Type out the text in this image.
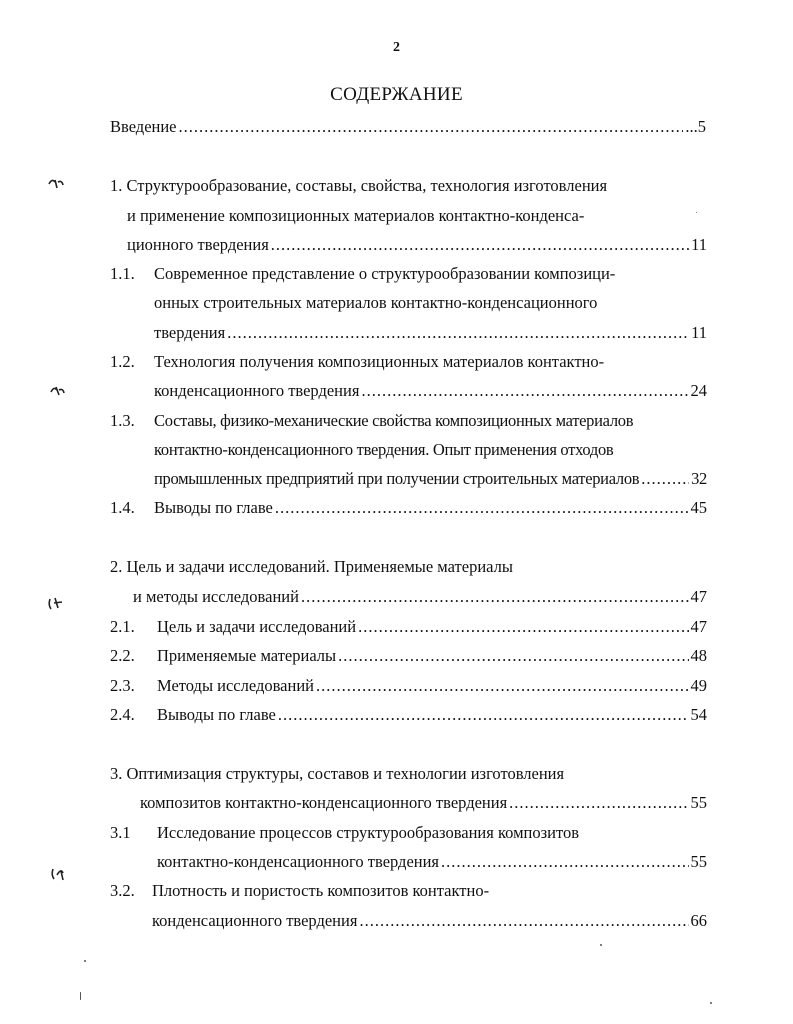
2
СОДЕРЖАНИЕ
Введение .....	...5
1. Структурообразование, составы, свойства, технология изготовления
и применение композиционных материалов контактно-конденса-
ционного твердения .....	11
1.1. Современное представление о структурообразовании композици-
онных строительных материалов контактно-конденсационного
твердения .....	11
1.2. Технология получения композиционных материалов контактно-
конденсационного твердения .....	24
1.3. Составы, физико-механические свойства композиционных материалов
контактно-конденсационного твердения. Опыт применения отходов
промышленных предприятий при получении строительных материалов .....	32
1.4. Выводы по главе .....	45
2. Цель и задачи исследований. Применяемые материалы
и методы исследований .....	47
2.1. Цель и задачи исследований .....	47
2.2. Применяемые материалы .....	48
2.3. Методы исследований .....	49
2.4. Выводы по главе .....	54
3. Оптимизация структуры, составов и технологии изготовления
композитов контактно-конденсационного твердения .....	55
3.1 Исследование процессов структурообразования композитов
контактно-конденсационного твердения .....	55
3.2. Плотность и пористость композитов контактно-
конденсационного твердения .....	66
